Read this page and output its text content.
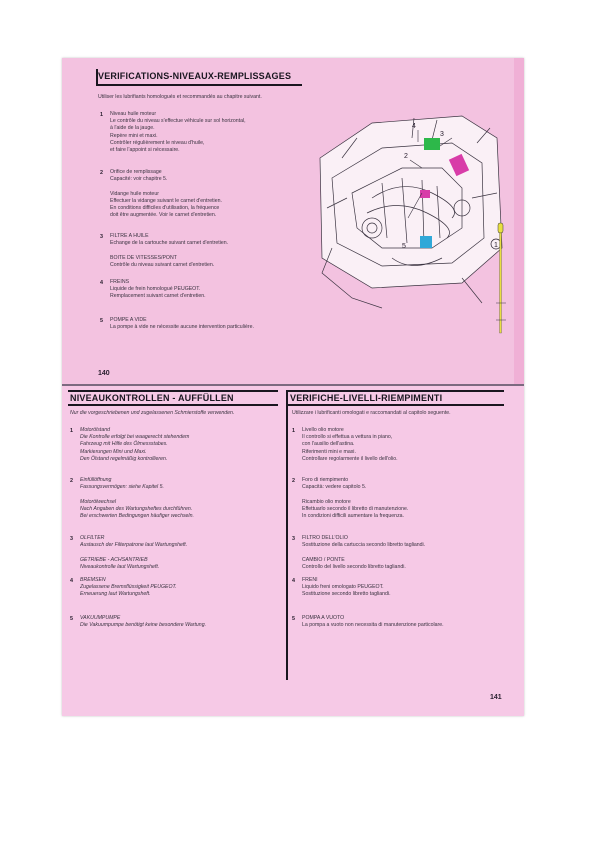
VERIFICATIONS-NIVEAUX-REMPLISSAGES
Utiliser les lubrifiants homologués et recommandés au chapitre suivant.
1 Niveau huile moteur
Le contrôle du niveau s'effectue véhicule sur sol horizontal,
à l'aide de la jauge.
Repère mini et maxi.
Contrôler régulièrement le niveau d'huile,
et faire l'appoint si nécessaire.
2 Orifice de remplissage
Capacité: voir chapitre 5.

Vidange huile moteur
Effectuer la vidange suivant le carnet d'entretien.
En conditions difficiles d'utilisation, la fréquence
doit être augmentée. Voir le carnet d'entretien.
3 FILTRE A HUILE
Echange de la cartouche suivant carnet d'entretien.

BOITE DE VITESSES/PONT
Contrôle du niveau suivant carnet d'entretien.
4 FREINS
Liquide de frein homologué PEUGEOT.
Remplacement suivant carnet d'entretien.
5 POMPE A VIDE
La pompe à vide ne nécessite aucune intervention particulière.
140
4
3
2
1
5
NIVEAUKONTROLLEN - AUFFÜLLEN	VERIFICHE-LIVELLI-RIEMPIMENTI
Nur die vorgeschriebenen und zugelassenen Schmierstoffe verwenden.
1 Motorölstand
Die Kontrolle erfolgt bei waagerecht stehendem
Fahrzeug mit Hilfe des Ölmessstabes.
Markierungen Mini und Maxi.
Den Ölstand regelmäßig kontrollieren.
2 Einfüllöffnung
Fassungsvermögen: siehe Kapitel 5.

Motorölwechsel
Nach Angaben des Wartungsheftes durchführen.
Bei erschwerten Bedingungen häufiger wechseln.
3 ÖLFILTER
Austausch der Filterpatrone laut Wartungsheft.

GETRIEBE - ACHSANTRIEB
Niveaukontrolle laut Wartungsheft.
4 BREMSEN
Zugelassene Bremsflüssigkeit PEUGEOT.
Erneuerung laut Wartungsheft.
5 VAKUUMPUMPE
Die Vakuumpumpe benötigt keine besondere Wartung.
Utilizzare i lubrificanti omologati e raccomandati al capitolo seguente.
1 Livello olio motore
Il controllo si effettua a vettura in piano,
con l'ausilio dell'astina.
Riferimenti mini e maxi.
Controllare regolarmente il livello dell'olio.
2 Foro di riempimento
Capacità: vedere capitolo 5.

Ricambio olio motore
Effettuarlo secondo il libretto di manutenzione.
In condizioni difficili aumentare la frequenza.
3 FILTRO DELL'OLIO
Sostituzione della cartuccia secondo libretto tagliandi.

CAMBIO / PONTE
Controllo del livello secondo libretto tagliandi.
4 FRENI
Liquido freni omologato PEUGEOT.
Sostituzione secondo libretto tagliandi.
5 POMPA A VUOTO
La pompa a vuoto non necessita di manutenzione particolare.
141
